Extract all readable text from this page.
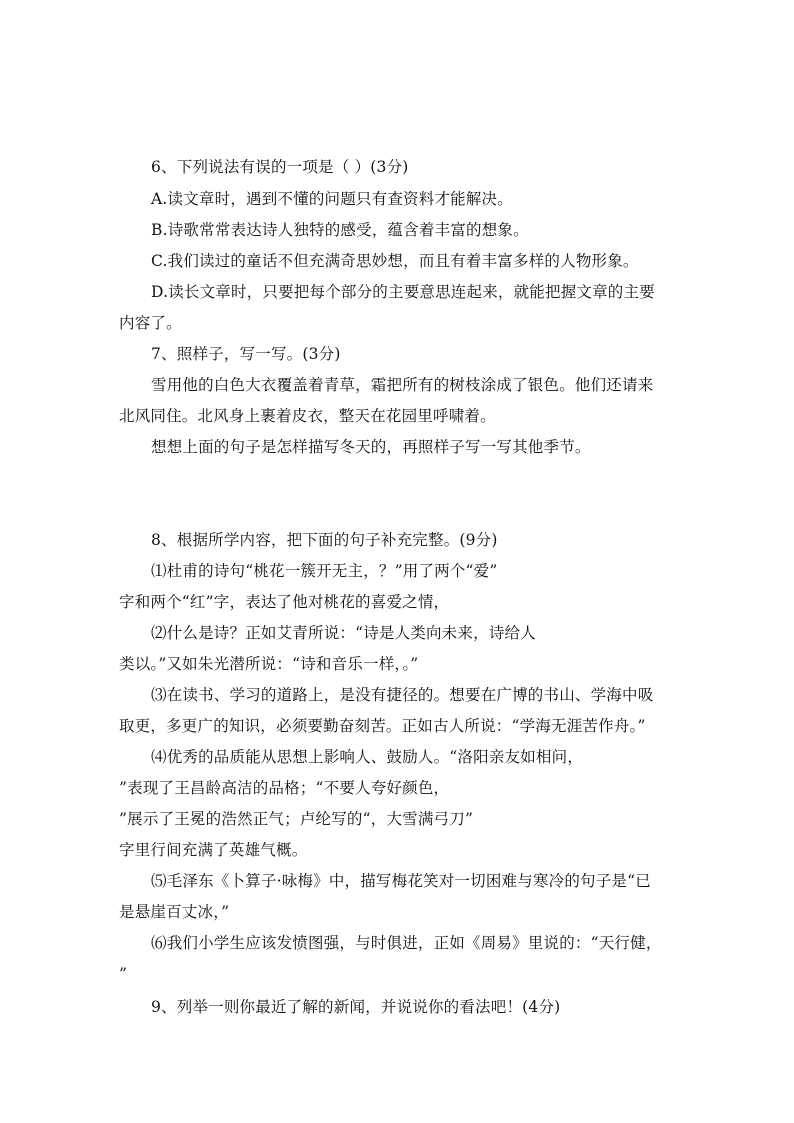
6、下列说法有误的一项是（ ）(3分)
A.读文章时，遇到不懂的问题只有查资料才能解决。
B.诗歌常常表达诗人独特的感受，蕴含着丰富的想象。
C.我们读过的童话不但充满奇思妙想，而且有着丰富多样的人物形象。
D.读长文章时，只要把每个部分的主要意思连起来，就能把握文章的主要
内容了。
7、照样子，写一写。(3分)
雪用他的白色大衣覆盖着青草，霜把所有的树枝涂成了银色。他们还请来
北风同住。北风身上裹着皮衣，整天在花园里呼啸着。
想想上面的句子是怎样描写冬天的，再照样子写一写其他季节。
8、根据所学内容，把下面的句子补充完整。(9分)
⑴杜甫的诗句“桃花一簇开无主，？”用了两个“爱”
字和两个“红”字，表达了他对桃花的喜爱之情，
⑵什么是诗？正如艾青所说：“诗是人类向未来，诗给人
类以。”又如朱光潜所说：“诗和音乐一样，。”
⑶在读书、学习的道路上，是没有捷径的。想要在广博的书山、学海中吸
取更，多更广的知识，必须要勤奋刻苦。正如古人所说：“学海无涯苦作舟。”
⑷优秀的品质能从思想上影响人、鼓励人。“洛阳亲友如相问，
”表现了王昌龄高洁的品格；“不要人夸好颜色，
”展示了王冕的浩然正气；卢纶写的“，大雪满弓刀”
字里行间充满了英雄气概。
⑸毛泽东《卜算子·咏梅》中，描写梅花笑对一切困难与寒冷的句子是“已
是悬崖百丈冰，”
⑹我们小学生应该发愤图强，与时俱进，正如《周易》里说的：“天行健，
”
9、列举一则你最近了解的新闻，并说说你的看法吧！(4分)
